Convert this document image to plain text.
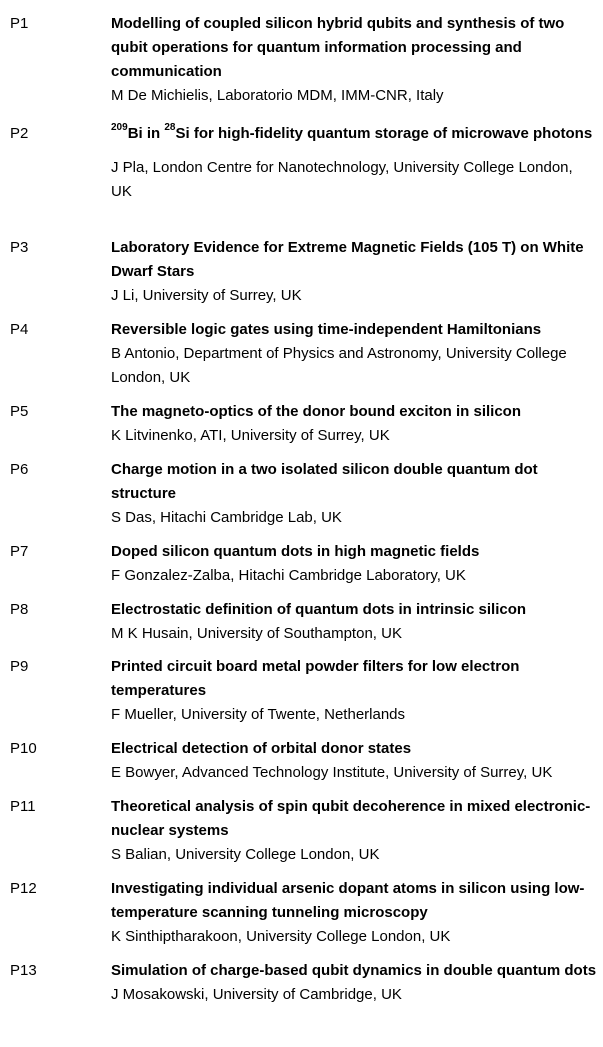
P1	Modelling of coupled silicon hybrid qubits and synthesis of two qubit operations for quantum information processing and communication

M De Michielis, Laboratorio MDM, IMM-CNR, Italy

P2	$^{209}$Bi in $^{28}$Si for high-fidelity quantum storage of microwave photons

J Pla, London Centre for Nanotechnology, University College London, UK

P3	Laboratory Evidence for Extreme Magnetic Fields (105 T) on White Dwarf Stars

J Li, University of Surrey, UK

P4	Reversible logic gates using time-independent Hamiltonians

B Antonio, Department of Physics and Astronomy, University College London, UK

P5	The magneto-optics of the donor bound exciton in silicon

K Litvinenko, ATI, University of Surrey, UK

P6	Charge motion in a two isolated silicon double quantum dot structure

S Das, Hitachi Cambridge Lab, UK

P7	Doped silicon quantum dots in high magnetic fields

F Gonzalez-Zalba, Hitachi Cambridge Laboratory, UK

P8	Electrostatic definition of quantum dots in intrinsic silicon

M K Husain, University of Southampton, UK

P9	Printed circuit board metal powder filters for low electron temperatures

F Mueller, University of Twente, Netherlands

P10	Electrical detection of orbital donor states

E Bowyer, Advanced Technology Institute, University of Surrey, UK

P11	Theoretical analysis of spin qubit decoherence in mixed electronic-nuclear systems

S Balian, University College London, UK

P12	Investigating individual arsenic dopant atoms in silicon using low-temperature scanning tunneling microscopy

K Sinthiptharakoon, University College London, UK

P13	Simulation of charge-based qubit dynamics in double quantum dots

J Mosakowski, University of Cambridge, UK
